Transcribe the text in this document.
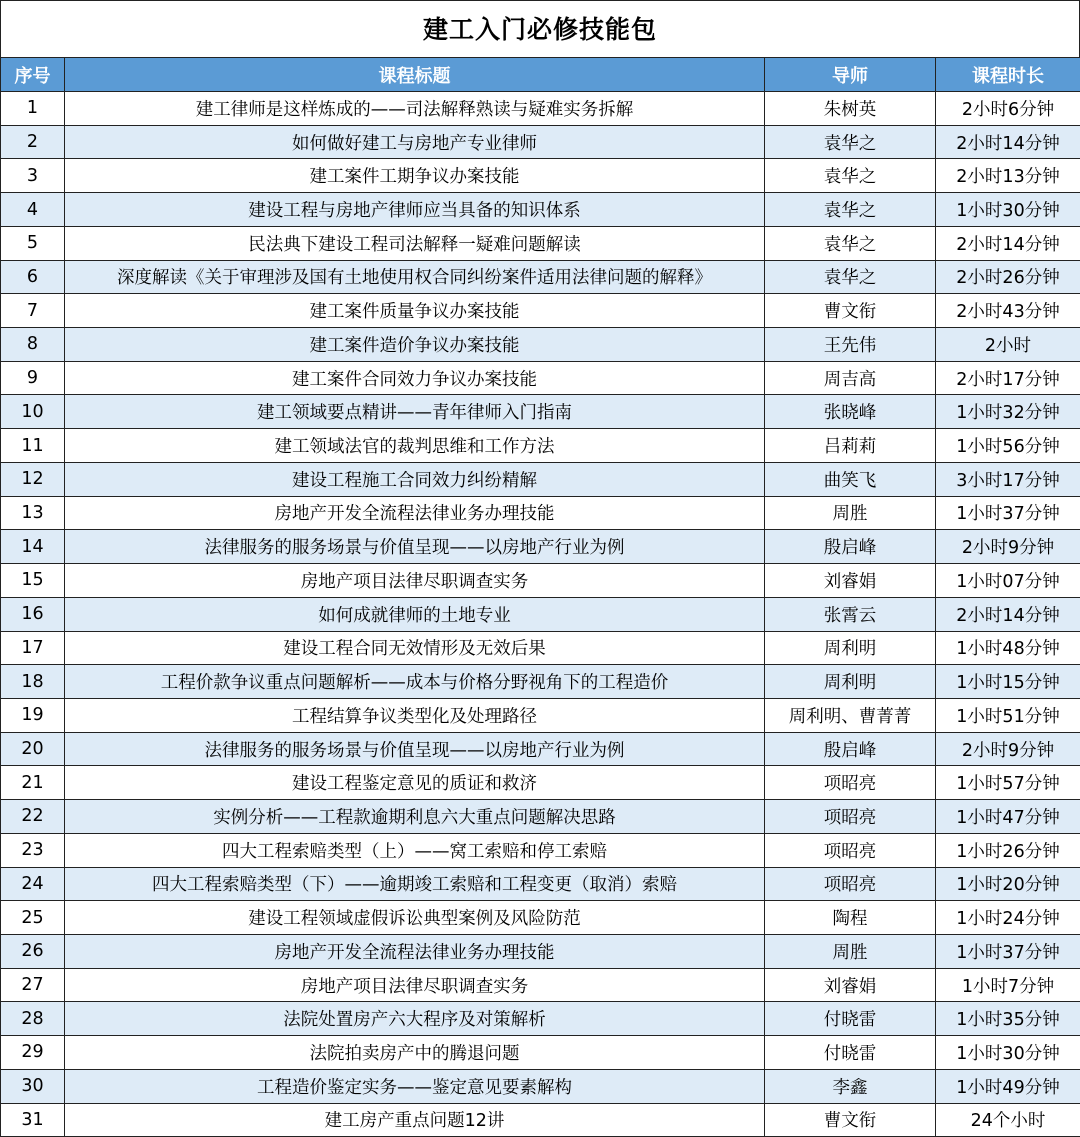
建工入门必修技能包
序号	课程标题	导师	课程时长
1	建工律师是这样炼成的——司法解释熟读与疑难实务拆解	朱树英	2小时6分钟
2	如何做好建工与房地产专业律师	袁华之	2小时14分钟
3	建工案件工期争议办案技能	袁华之	2小时13分钟
4	建设工程与房地产律师应当具备的知识体系	袁华之	1小时30分钟
5	民法典下建设工程司法解释一疑难问题解读	袁华之	2小时14分钟
6	深度解读《关于审理涉及国有土地使用权合同纠纷案件适用法律问题的解释》	袁华之	2小时26分钟
7	建工案件质量争议办案技能	曹文衔	2小时43分钟
8	建工案件造价争议办案技能	王先伟	2小时
9	建工案件合同效力争议办案技能	周吉高	2小时17分钟
10	建工领域要点精讲——青年律师入门指南	张晓峰	1小时32分钟
11	建工领域法官的裁判思维和工作方法	吕莉莉	1小时56分钟
12	建设工程施工合同效力纠纷精解	曲笑飞	3小时17分钟
13	房地产开发全流程法律业务办理技能	周胜	1小时37分钟
14	法律服务的服务场景与价值呈现——以房地产行业为例	殷启峰	2小时9分钟
15	房地产项目法律尽职调查实务	刘睿娟	1小时07分钟
16	如何成就律师的土地专业	张霄云	2小时14分钟
17	建设工程合同无效情形及无效后果	周利明	1小时48分钟
18	工程价款争议重点问题解析——成本与价格分野视角下的工程造价	周利明	1小时15分钟
19	工程结算争议类型化及处理路径	周利明、曹菁菁	1小时51分钟
20	法律服务的服务场景与价值呈现——以房地产行业为例	殷启峰	2小时9分钟
21	建设工程鉴定意见的质证和救济	项昭亮	1小时57分钟
22	实例分析——工程款逾期利息六大重点问题解决思路	项昭亮	1小时47分钟
23	四大工程索赔类型（上）——窝工索赔和停工索赔	项昭亮	1小时26分钟
24	四大工程索赔类型（下）——逾期竣工索赔和工程变更（取消）索赔	项昭亮	1小时20分钟
25	建设工程领域虚假诉讼典型案例及风险防范	陶程	1小时24分钟
26	房地产开发全流程法律业务办理技能	周胜	1小时37分钟
27	房地产项目法律尽职调查实务	刘睿娟	1小时7分钟
28	法院处置房产六大程序及对策解析	付晓雷	1小时35分钟
29	法院拍卖房产中的腾退问题	付晓雷	1小时30分钟
30	工程造价鉴定实务——鉴定意见要素解构	李鑫	1小时49分钟
31	建工房产重点问题12讲	曹文衔	24个小时
